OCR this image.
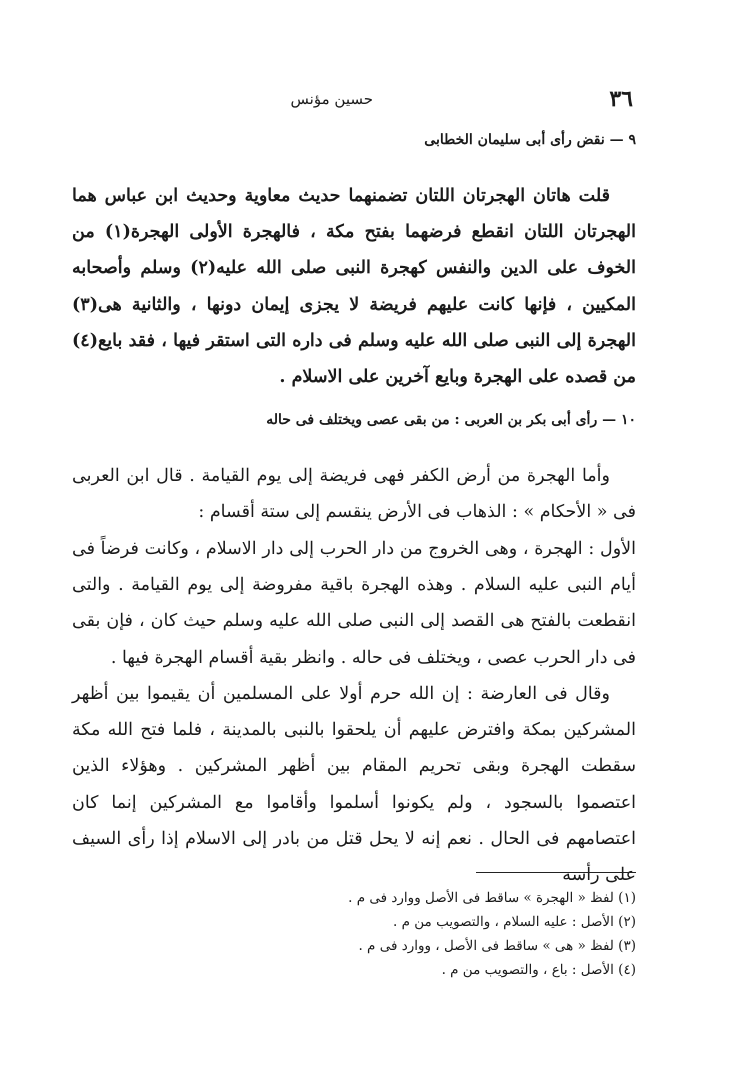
٣٦
حسين مؤنس
٩ — نقض رأى أبى سليمان الخطابى

قلت هاتان الهجرتان اللتان تضمنهما حديث معاوية وحديث ابن عباس هما الهجرتان اللتان انقطع فرضهما بفتح مكة ، فالهجرة الأولى الهجرة(١) من الخوف على الدين والنفس كهجرة النبى صلى الله عليه(٢) وسلم وأصحابه المكيين ، فإنها كانت عليهم فريضة لا يجزى إيمان دونها ، والثانية هى(٣) الهجرة إلى النبى صلى الله عليه وسلم فى داره التى استقر فيها ، فقد بايع(٤) من قصده على الهجرة وبايع آخرين على الاسلام .

١٠ — رأى أبى بكر بن العربى : من بقى عصى ويختلف فى حاله

وأما الهجرة من أرض الكفر فهى فريضة إلى يوم القيامة . قال ابن العربى فى « الأحكام » : الذهاب فى الأرض ينقسم إلى ستة أقسام :

الأول : الهجرة ، وهى الخروج من دار الحرب إلى دار الاسلام ، وكانت فرضاً فى أيام النبى عليه السلام . وهذه الهجرة باقية مفروضة إلى يوم القيامة . والتى انقطعت بالفتح هى القصد إلى النبى صلى الله عليه وسلم حيث كان ، فإن بقى فى دار الحرب عصى ، ويختلف فى حاله . وانظر بقية أقسام الهجرة فيها .

وقال فى العارضة : إن الله حرم أولا على المسلمين أن يقيموا بين أظهر المشركين بمكة وافترض عليهم أن يلحقوا بالنبى بالمدينة ، فلما فتح الله مكة سقطت الهجرة وبقى تحريم المقام بين أظهر المشركين . وهؤلاء الذين اعتصموا بالسجود ، ولم يكونوا أسلموا وأقاموا مع المشركين إنما كان اعتصامهم فى الحال . نعم إنه لا يحل قتل من بادر إلى الاسلام إذا رأى السيف على رأسه

(١) لفظ « الهجرة » ساقط فى الأصل ووارد فى م .
(٢) الأصل : عليه السلام ، والتصويب من م .
(٣) لفظ « هى » ساقط فى الأصل ، ووارد فى م .
(٤) الأصل : باع ، والتصويب من م .
